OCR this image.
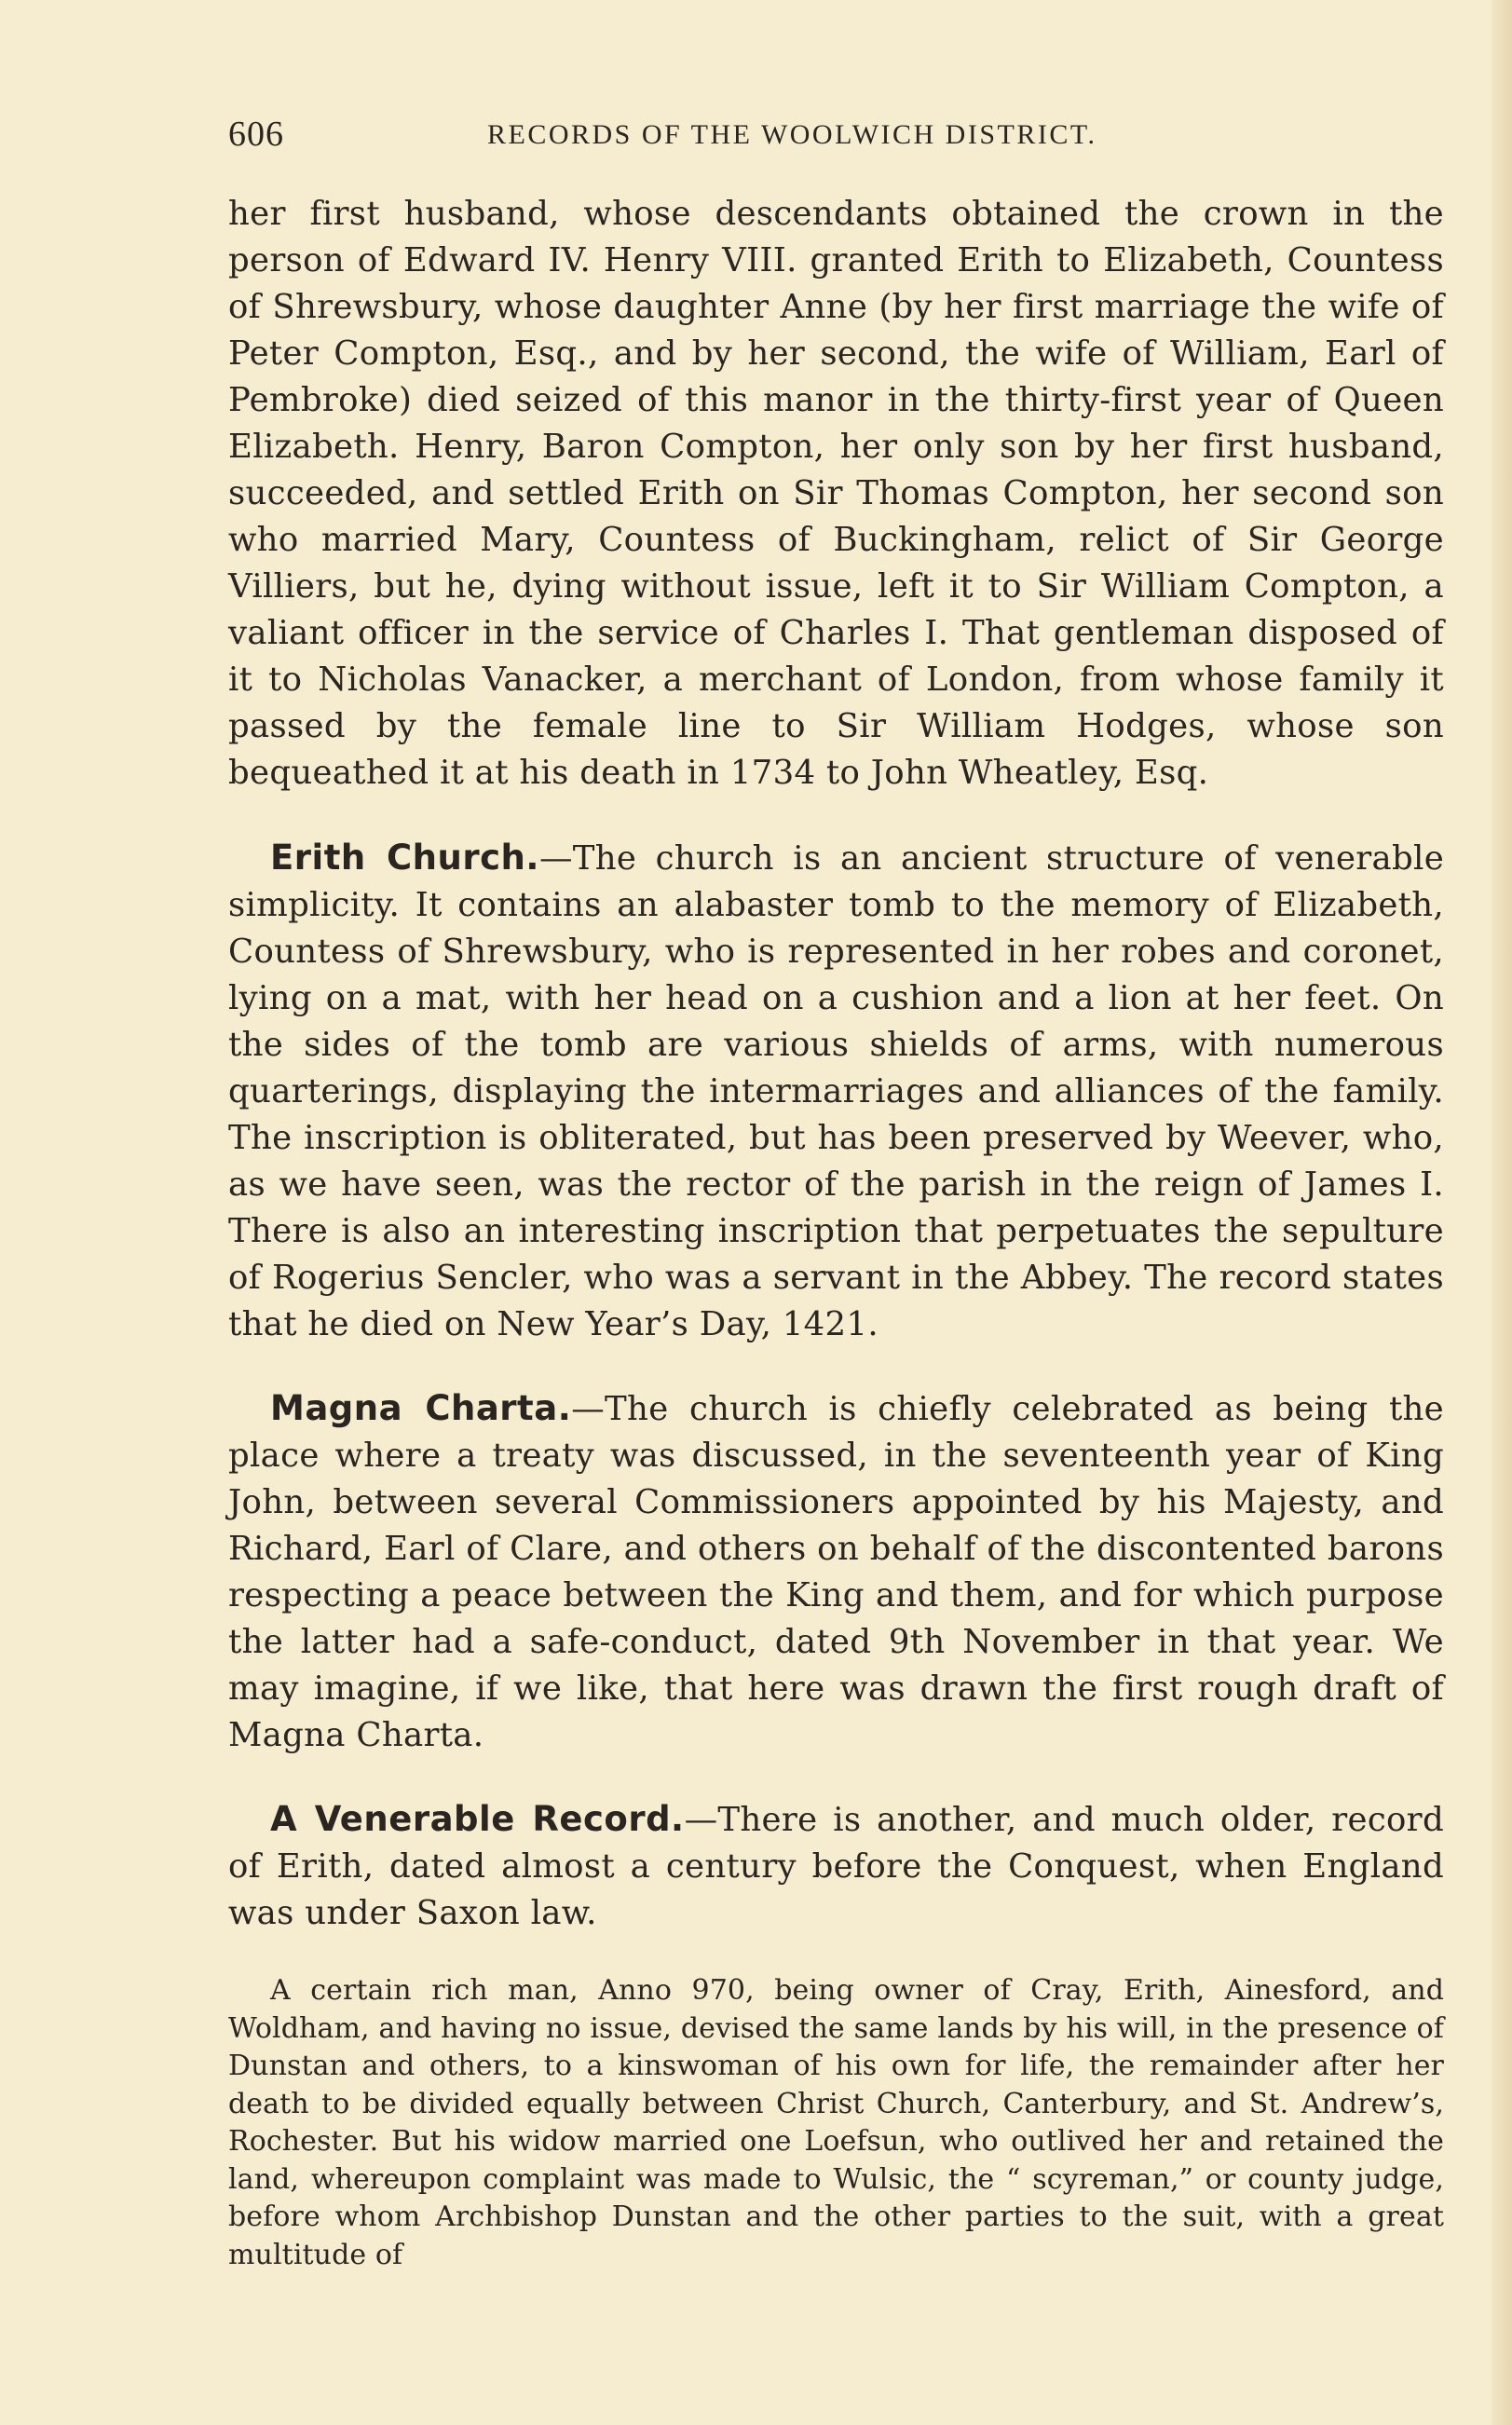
606	RECORDS OF THE WOOLWICH DISTRICT.

her first husband, whose descendants obtained the crown in the person of Edward IV. Henry VIII. granted Erith to Elizabeth, Countess of Shrewsbury, whose daughter Anne (by her first marriage the wife of Peter Compton, Esq., and by her second, the wife of William, Earl of Pembroke) died seized of this manor in the thirty-first year of Queen Elizabeth. Henry, Baron Compton, her only son by her first husband, succeeded, and settled Erith on Sir Thomas Compton, her second son who married Mary, Countess of Buckingham, relict of Sir George Villiers, but he, dying without issue, left it to Sir William Compton, a valiant officer in the service of Charles I. That gentleman disposed of it to Nicholas Vanacker, a merchant of London, from whose family it passed by the female line to Sir William Hodges, whose son bequeathed it at his death in 1734 to John Wheatley, Esq.

Erith Church.—The church is an ancient structure of venerable simplicity. It contains an alabaster tomb to the memory of Elizabeth, Countess of Shrewsbury, who is represented in her robes and coronet, lying on a mat, with her head on a cushion and a lion at her feet. On the sides of the tomb are various shields of arms, with numerous quarterings, displaying the intermarriages and alliances of the family. The inscription is obliterated, but has been preserved by Weever, who, as we have seen, was the rector of the parish in the reign of James I. There is also an interesting inscription that perpetuates the sepulture of Rogerius Sencler, who was a servant in the Abbey. The record states that he died on New Year’s Day, 1421.

Magna Charta.—The church is chiefly celebrated as being the place where a treaty was discussed, in the seventeenth year of King John, between several Commissioners appointed by his Majesty, and Richard, Earl of Clare, and others on behalf of the discontented barons respecting a peace between the King and them, and for which purpose the latter had a safe-conduct, dated 9th November in that year. We may imagine, if we like, that here was drawn the first rough draft of Magna Charta.

A Venerable Record.—There is another, and much older, record of Erith, dated almost a century before the Conquest, when England was under Saxon law.

A certain rich man, Anno 970, being owner of Cray, Erith, Ainesford, and Woldham, and having no issue, devised the same lands by his will, in the presence of Dunstan and others, to a kinswoman of his own for life, the remainder after her death to be divided equally between Christ Church, Canterbury, and St. Andrew’s, Rochester. But his widow married one Loefsun, who outlived her and retained the land, whereupon complaint was made to Wulsic, the “ scyreman,” or county judge, before whom Archbishop Dunstan and the other parties to the suit, with a great multitude of
